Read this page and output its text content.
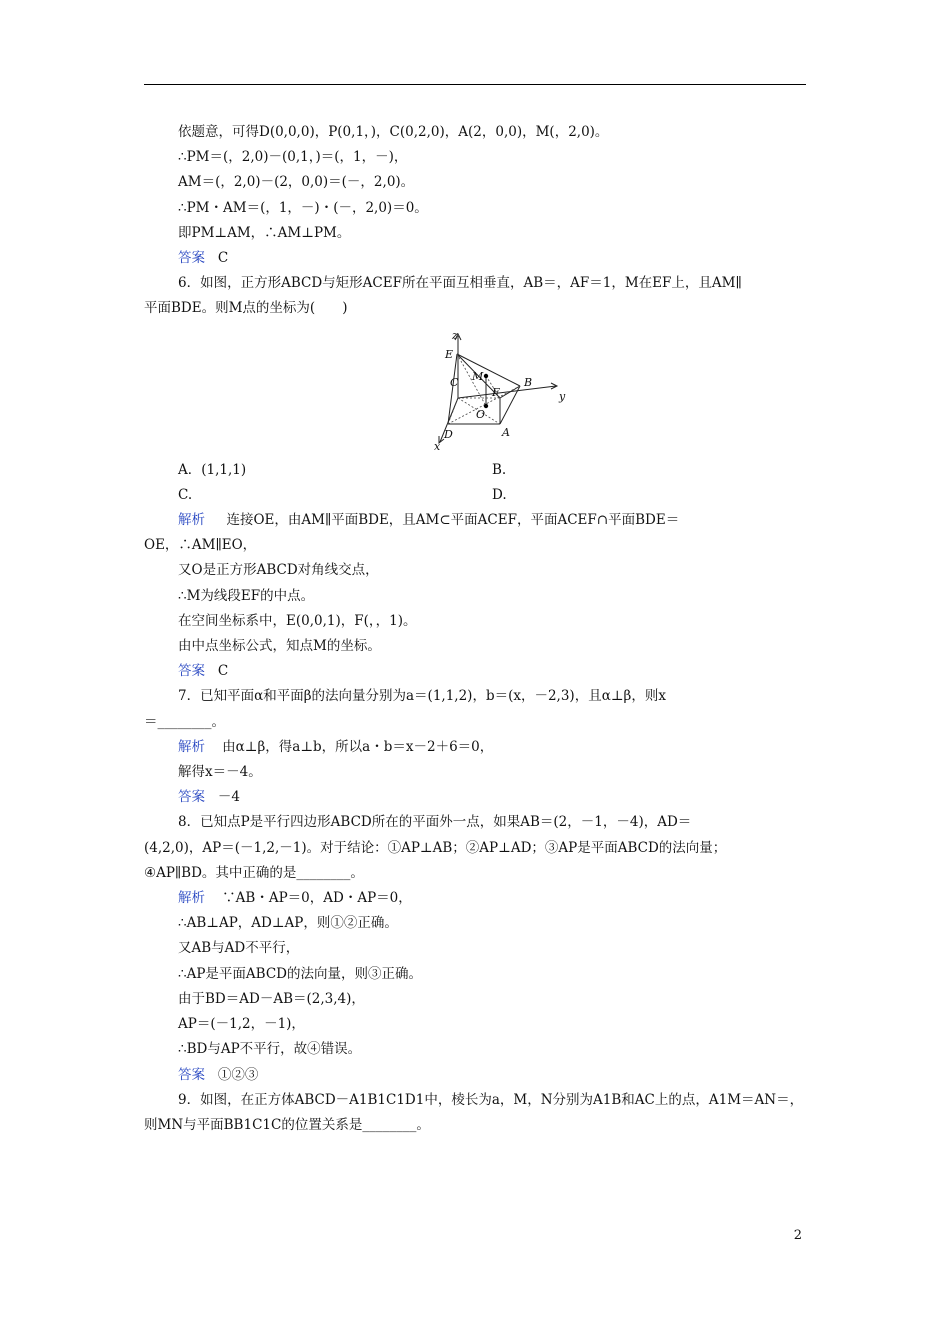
依题意，可得D(0,0,0)，P(0,1，)，C(0,2,0)，A(2，0,0)，M(，2,0)。
∴PM＝(，2,0)－(0,1，)＝(，1，－)，
AM＝(，2,0)－(2，0,0)＝(－，2,0)。
∴PM・AM＝(，1，－)・(－，2,0)＝0。
即PM⊥AM，∴AM⊥PM。
答案 C
6．如图，正方形ABCD与矩形ACEF所在平面互相垂直，AB＝，AF＝1，M在EF上，且AM∥
平面BDE。则M点的坐标为(　　)
z
E
C M
F
B
y
O
D	A
x
A．(1,1,1)	B.
C.	D.
解析 连接OE，由AM∥平面BDE，且AM⊂平面ACEF，平面ACEF∩平面BDE＝
OE，∴AM∥EO，
又O是正方形ABCD对角线交点，
∴M为线段EF的中点。
在空间坐标系中，E(0,0,1)，F(，，1)。
由中点坐标公式，知点M的坐标。
答案 C
7．已知平面α和平面β的法向量分别为a＝(1,1,2)，b＝(x，－2,3)，且α⊥β，则x
＝________。
解析 由α⊥β，得a⊥b，所以a・b＝x－2＋6＝0，
解得x＝－4。
答案 －4
8．已知点P是平行四边形ABCD所在的平面外一点，如果AB＝(2，－1，－4)，AD＝
(4,2,0)，AP＝(－1,2,－1)。对于结论：①AP⊥AB；②AP⊥AD；③AP是平面ABCD的法向量；
④AP∥BD。其中正确的是________。
解析 ∵AB・AP＝0，AD・AP＝0，
∴AB⊥AP，AD⊥AP，则①②正确。
又AB与AD不平行，
∴AP是平面ABCD的法向量，则③正确。
由于BD＝AD－AB＝(2,3,4)，
AP＝(－1,2，－1)，
∴BD与AP不平行，故④错误。
答案 ①②③
9．如图，在正方体ABCD－A1B1C1D1中，棱长为a，M，N分别为A1B和AC上的点，A1M＝AN＝，
则MN与平面BB1C1C的位置关系是________。
2
